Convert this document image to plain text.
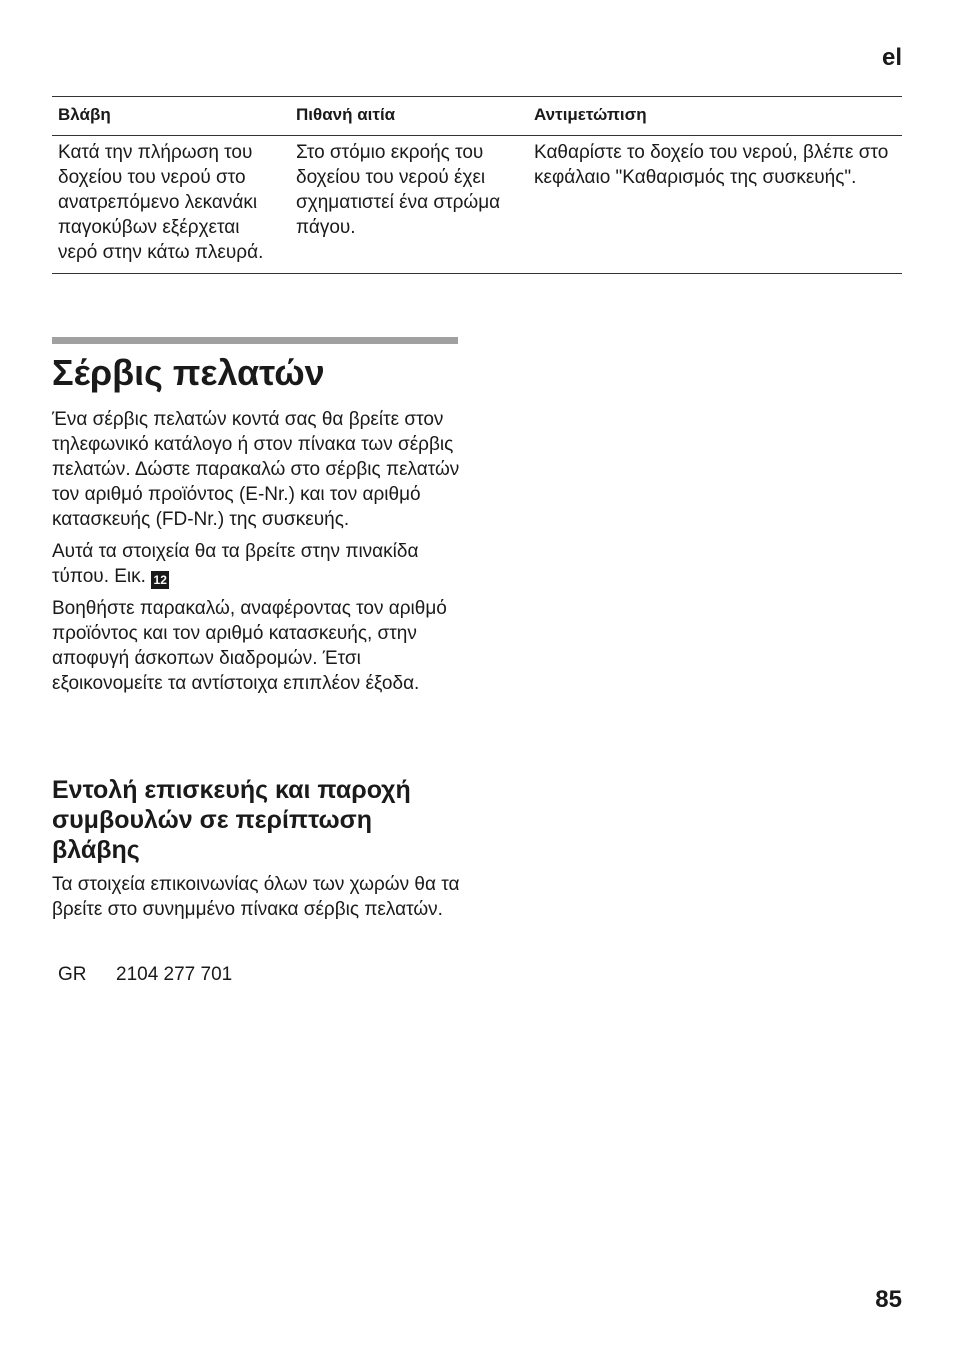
el
Βλάβη	Πιθανή αιτία	Αντιμετώπιση
Κατά την πλήρωση του δοχείου του νερού στο ανατρεπόμενο λεκανάκι παγοκύβων εξέρχεται νερό στην κάτω πλευρά.	Στο στόμιο εκροής του δοχείου του νερού έχει σχηματιστεί ένα στρώμα πάγου.	Καθαρίστε το δοχείο του νερού, βλέπε στο κεφάλαιο "Καθαρισμός της συσκευής".
Σέρβις πελατών

Ένα σέρβις πελατών κοντά σας θα βρείτε στον τηλεφωνικό κατάλογο ή στον πίνακα των σέρβις πελατών. Δώστε παρακαλώ στο σέρβις πελατών τον αριθμό προϊόντος (E-Nr.) και τον αριθμό κατασκευής (FD-Nr.) της συσκευής.

Αυτά τα στοιχεία θα τα βρείτε στην πινακίδα τύπου. Εικ. 12

Βοηθήστε παρακαλώ, αναφέροντας τον αριθμό προϊόντος και τον αριθμό κατασκευής, στην αποφυγή άσκοπων διαδρομών. Έτσι εξοικονομείτε τα αντίστοιχα επιπλέον έξοδα.

Εντολή επισκευής και παροχή συμβουλών σε περίπτωση βλάβης

Τα στοιχεία επικοινωνίας όλων των χωρών θα τα βρείτε στο συνημμένο πίνακα σέρβις πελατών.

GR 2104 277 701
85
